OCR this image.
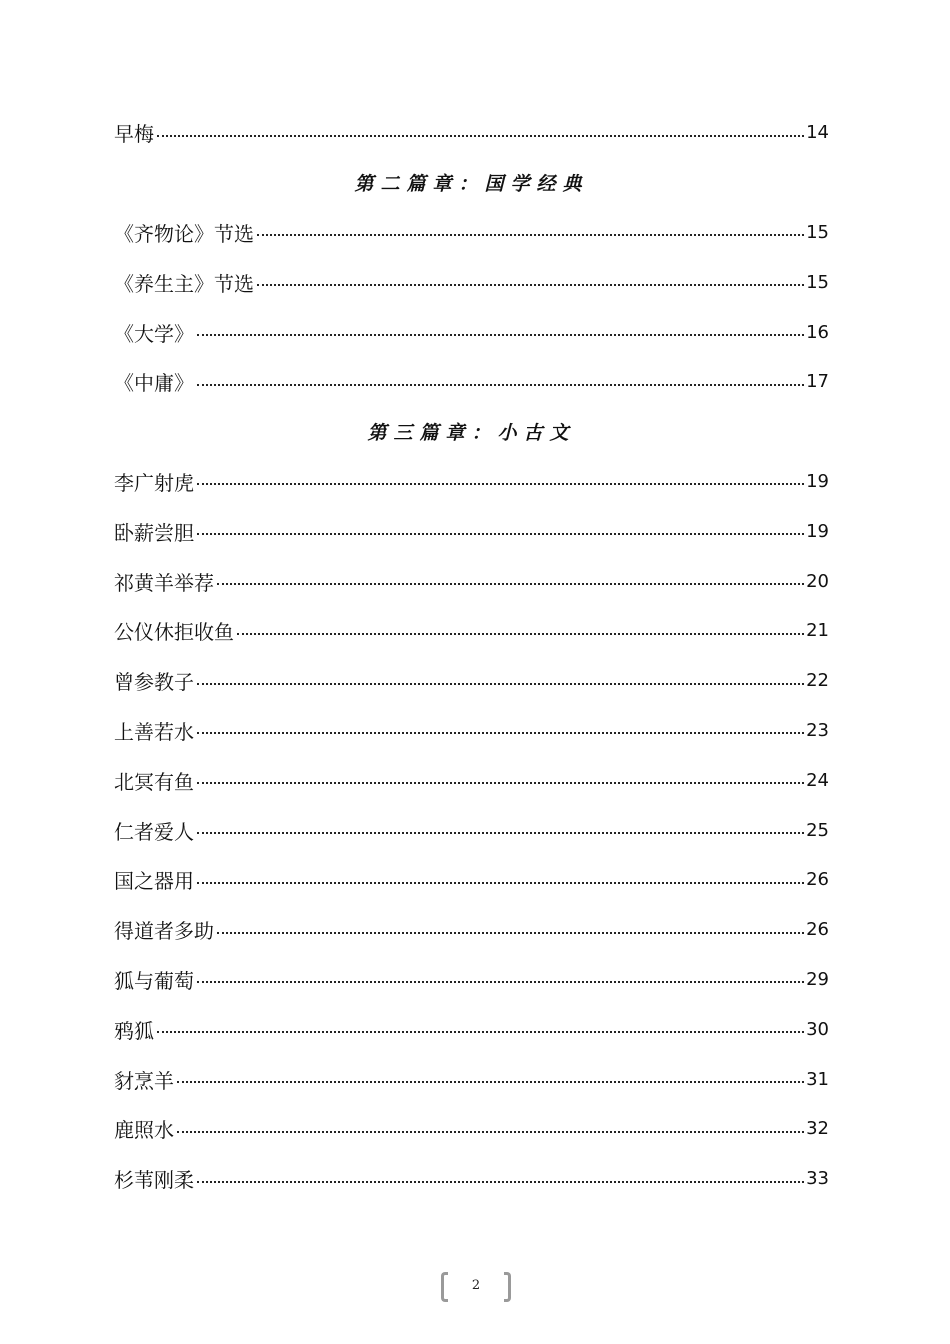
早梅	14
第二篇章：国学经典
《齐物论》节选	15
《养生主》节选	15
《大学》	16
《中庸》	17
第三篇章：小古文
李广射虎	19
卧薪尝胆	19
祁黄羊举荐	20
公仪休拒收鱼	21
曾参教子	22
上善若水	23
北冥有鱼	24
仁者爱人	25
国之器用	26
得道者多助	26
狐与葡萄	29
鸦狐	30
豺烹羊	31
鹿照水	32
杉苇刚柔	33
2
